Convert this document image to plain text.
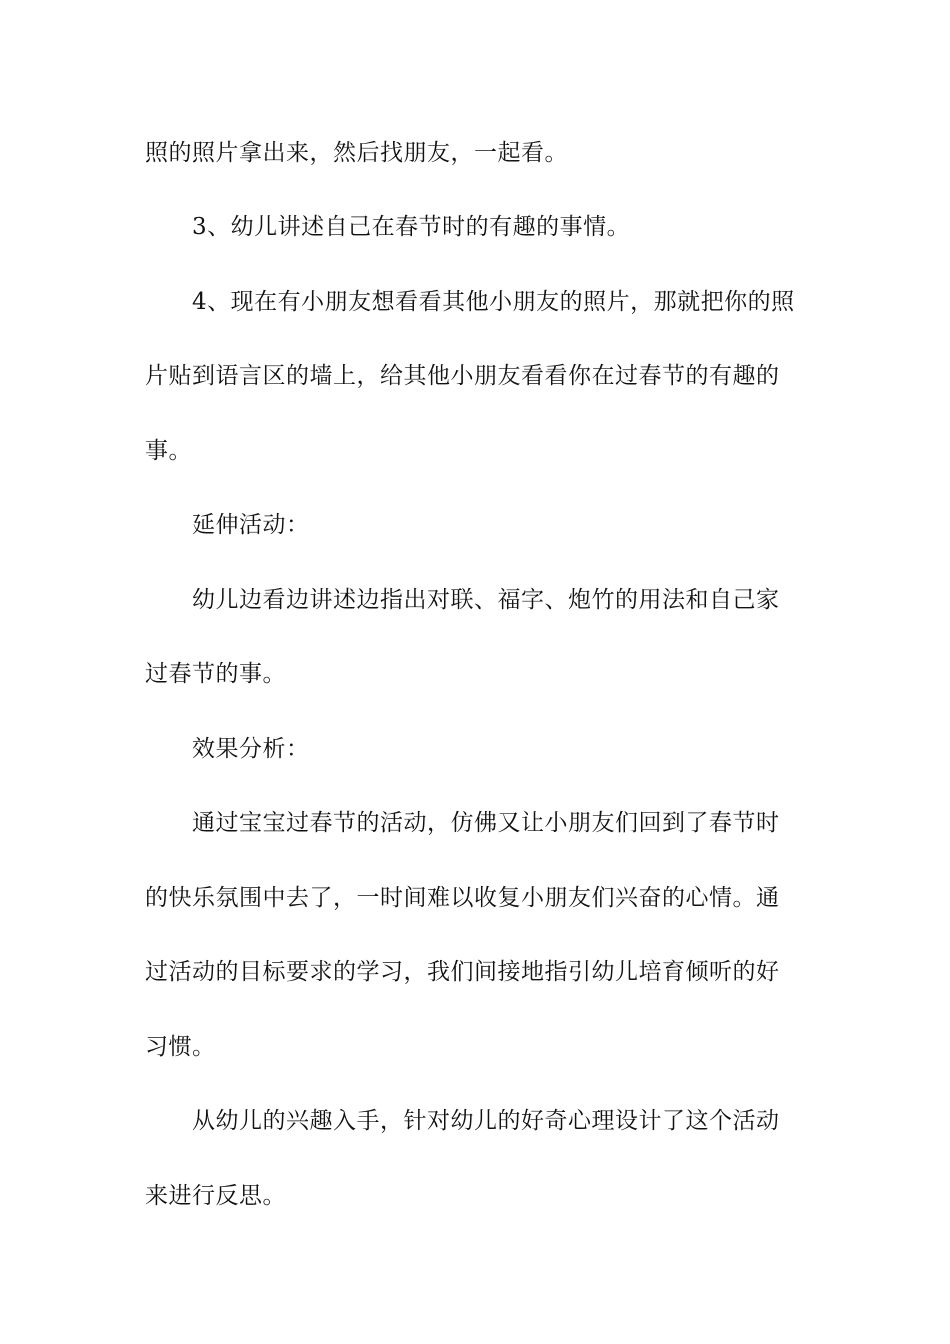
照的照片拿出来，然后找朋友，一起看。
3、幼儿讲述自己在春节时的有趣的事情。
4、现在有小朋友想看看其他小朋友的照片，那就把你的照
片贴到语言区的墙上，给其他小朋友看看你在过春节的有趣的
事。
延伸活动：
幼儿边看边讲述边指出对联、福字、炮竹的用法和自己家
过春节的事。
效果分析：
通过宝宝过春节的活动，仿佛又让小朋友们回到了春节时
的快乐氛围中去了，一时间难以收复小朋友们兴奋的心情。通
过活动的目标要求的学习，我们间接地指引幼儿培育倾听的好
习惯。
从幼儿的兴趣入手，针对幼儿的好奇心理设计了这个活动
来进行反思。
